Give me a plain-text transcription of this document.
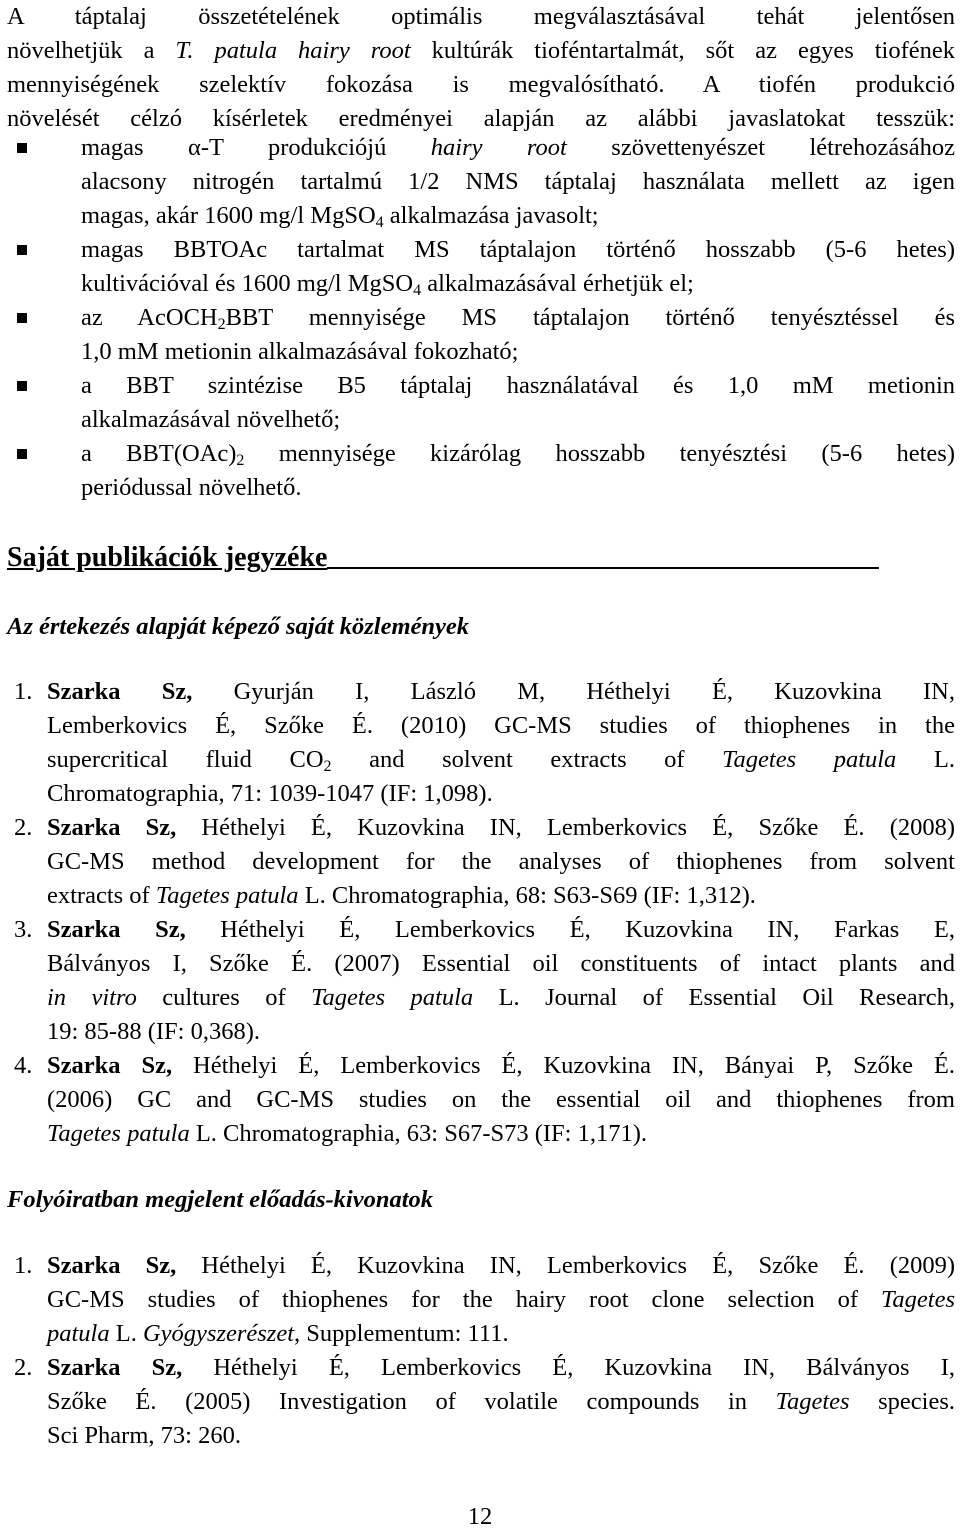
A táptalaj összetételének optimális megválasztásával tehát jelentősen
növelhetjük a T. patula hairy root kultúrák tiofén​tartalmát, sőt az egyes tiofének
mennyiségének szelektív fokozása is megvalósítható. A tiofén produkció
növelését célzó kísérletek eredményei alapján az alábbi javaslatokat tesszük:
magas α-T produkciójú hairy root szövettenyészet létrehozásához
alacsony nitrogén tartalmú 1/2 NMS táptalaj használata mellett az igen
magas, akár 1600 mg/l MgSO$_4$ alkalmazása javasolt;
magas BBTOAc tartalmat MS táptalajon történő hosszabb (5-6 hetes)
kultivációval és 1600 mg/l MgSO$_4$ alkalmazásával érhetjük el;
az AcOCH$_2$BBT mennyisége MS táptalajon történő tenyésztéssel és
1,0 mM metionin alkalmazásával fokozható;
a BBT szintézise B5 táptalaj használatával és 1,0 mM metionin
alkalmazásával növelhető;
a $BBT(OAc)_2$ mennyisége kizárólag hosszabb tenyésztési (5-6 hetes)
periódussal növelhető.
Saját publikációk jegyzéke
Az értekezés alapját képező saját közlemények
1. Szarka Sz, Gyurján I, László M, Héthelyi É, Kuzovkina IN,
Lemberkovics É, Szőke É. (2010) GC-MS studies of thiophenes in the
supercritical fluid $CO_2$ and solvent extracts of Tagetes patula L.
Chromatographia, 71: 1039-1047 (IF: 1,098).
2. Szarka Sz, Héthelyi É, Kuzovkina IN, Lemberkovics É, Szőke É. (2008)
GC-MS method development for the analyses of thiophenes from solvent
extracts of Tagetes patula L. Chromatographia, 68: S63-S69 (IF: 1,312).
3. Szarka Sz, Héthelyi É, Lemberkovics É, Kuzovkina IN, Farkas E,
Bálványos I, Szőke É. (2007) Essential oil constituents of intact plants and
in vitro cultures of Tagetes patula L. Journal of Essential Oil Research,
19: 85-88 (IF: 0,368).
4. Szarka Sz, Héthelyi É, Lemberkovics É, Kuzovkina IN, Bányai P, Szőke É.
(2006) GC and GC-MS studies on the essential oil and thiophenes from
Tagetes patula L. Chromatographia, 63: S67-S73 (IF: 1,171).
Folyóiratban megjelent előadás-kivonatok
1. Szarka Sz, Héthelyi É, Kuzovkina IN, Lemberkovics É, Szőke É. (2009)
GC-MS studies of thiophenes for the hairy root clone selection of Tagetes
patula L. Gyógyszerészet, Supplementum: 111.
2. Szarka Sz, Héthelyi É, Lemberkovics É, Kuzovkina IN, Bálványos I,
Szőke É. (2005) Investigation of volatile compounds in Tagetes species.
Sci Pharm, 73: 260.
12
